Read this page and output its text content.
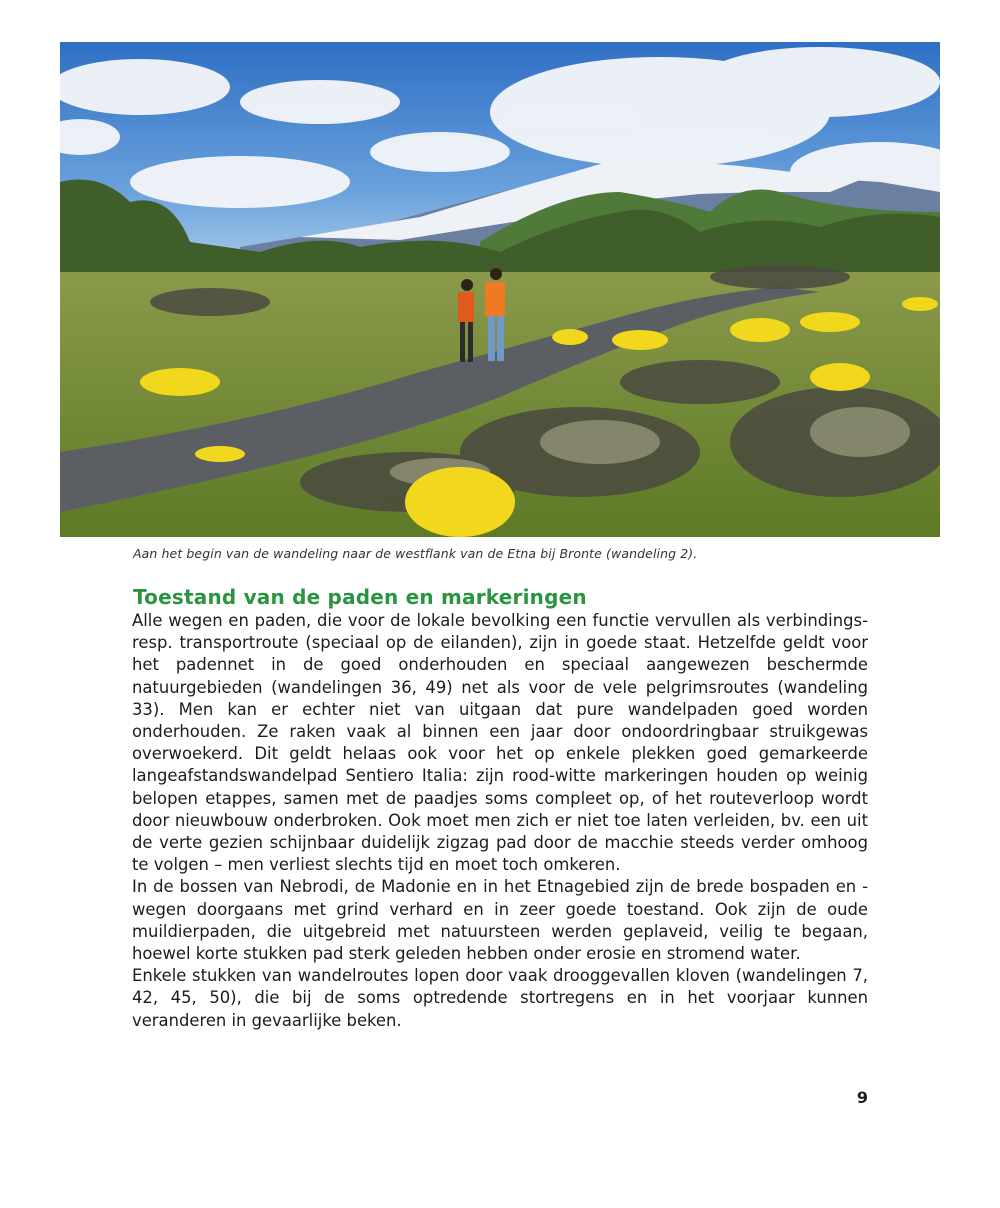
Aan het begin van de wandeling naar de westflank van de Etna bij Bronte (wandeling 2).
Toestand van de paden en markeringen

Alle wegen en paden, die voor de lokale bevolking een functie vervullen als verbindings- resp. transportroute (speciaal op de eilanden), zijn in goede staat. Hetzelfde geldt voor het padennet in de goed onderhouden en speciaal aangewezen beschermde natuurgebieden (wandelingen 36, 49) net als voor de vele pelgrimsroutes (wandeling 33). Men kan er echter niet van uitgaan dat pure wandelpaden goed worden onderhouden. Ze raken vaak al binnen een jaar door ondoordringbaar struikgewas overwoekerd. Dit geldt helaas ook voor het op enkele plekken goed gemarkeerde langeafstandswandelpad Sentiero Italia: zijn rood-witte markeringen houden op weinig belopen etappes, samen met de paadjes soms compleet op, of het routeverloop wordt door nieuwbouw onderbroken. Ook moet men zich er niet toe laten verleiden, bv. een uit de verte gezien schijnbaar duidelijk zigzag pad door de macchie steeds verder omhoog te volgen – men verliest slechts tijd en moet toch omkeren.

In de bossen van Nebrodi, de Madonie en in het Etnagebied zijn de brede bospaden en -wegen doorgaans met grind verhard en in zeer goede toestand. Ook zijn de oude muildierpaden, die uitgebreid met natuursteen werden geplaveid, veilig te begaan, hoewel korte stukken pad sterk geleden hebben onder erosie en stromend water.

Enkele stukken van wandelroutes lopen door vaak drooggevallen kloven (wandelingen 7, 42, 45, 50), die bij de soms optredende stortregens en in het voorjaar kunnen veranderen in gevaarlijke beken.

9
